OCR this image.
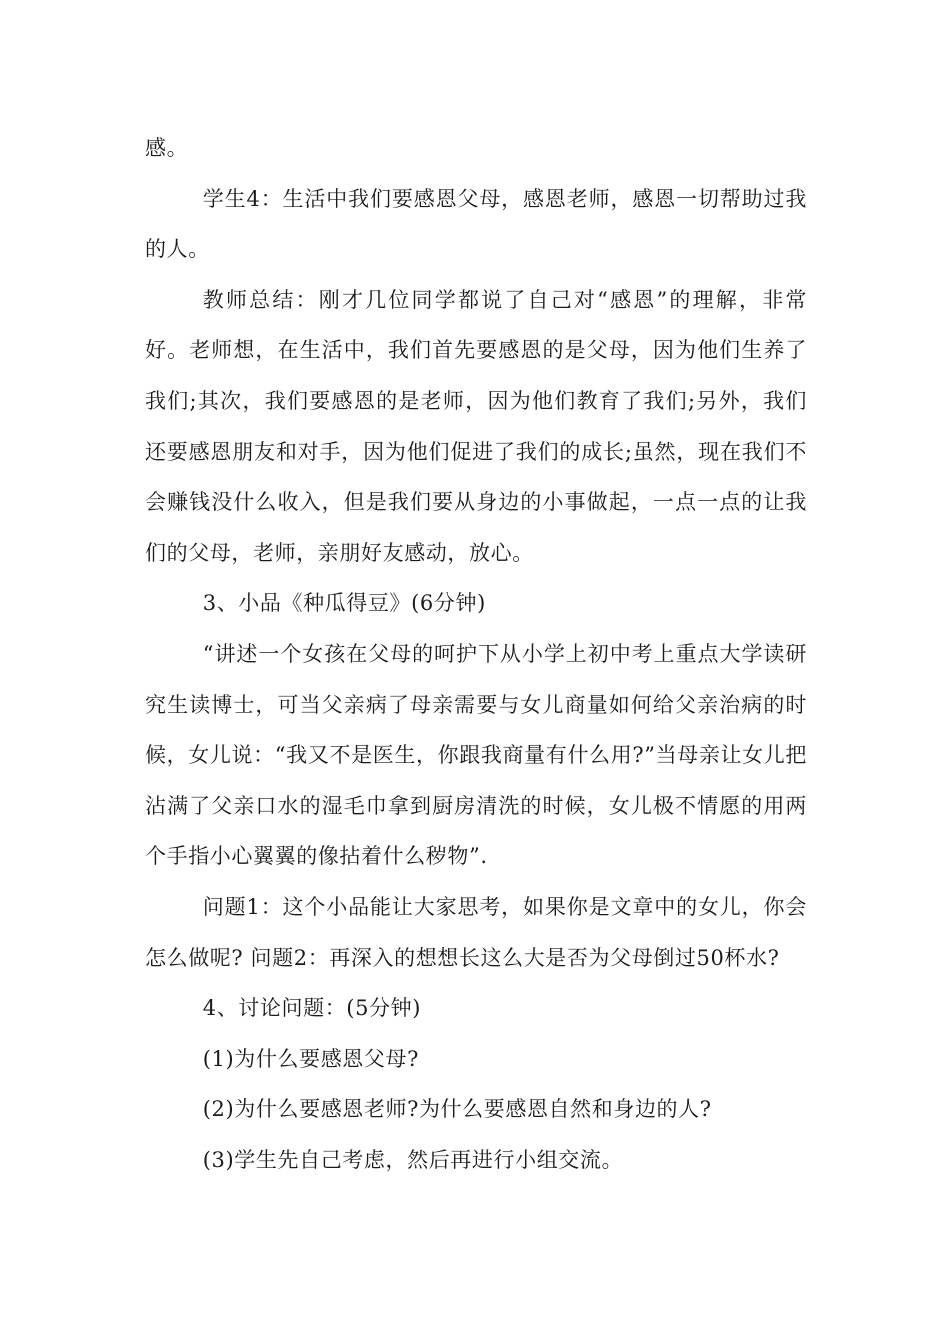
感。

学生4：生活中我们要感恩父母，感恩老师，感恩一切帮助过我的人。

教师总结：刚才几位同学都说了自己对“感恩”的理解，非常好。老师想，在生活中，我们首先要感恩的是父母，因为他们生养了我们;其次，我们要感恩的是老师，因为他们教育了我们;另外，我们还要感恩朋友和对手，因为他们促进了我们的成长;虽然，现在我们不会赚钱没什么收入，但是我们要从身边的小事做起，一点一点的让我们的父母，老师，亲朋好友感动，放心。

3、小品《种瓜得豆》(6分钟)

“讲述一个女孩在父母的呵护下从小学上初中考上重点大学读研究生读博士，可当父亲病了母亲需要与女儿商量如何给父亲治病的时候，女儿说：“我又不是医生，你跟我商量有什么用?”当母亲让女儿把沾满了父亲口水的湿毛巾拿到厨房清洗的时候，女儿极不情愿的用两个手指小心翼翼的像拈着什么秽物”.

问题1：这个小品能让大家思考，如果你是文章中的女儿，你会怎么做呢? 问题2：再深入的想想长这么大是否为父母倒过50杯水?

4、讨论问题：(5分钟)

(1)为什么要感恩父母?

(2)为什么要感恩老师?为什么要感恩自然和身边的人?

(3)学生先自己考虑，然后再进行小组交流。
